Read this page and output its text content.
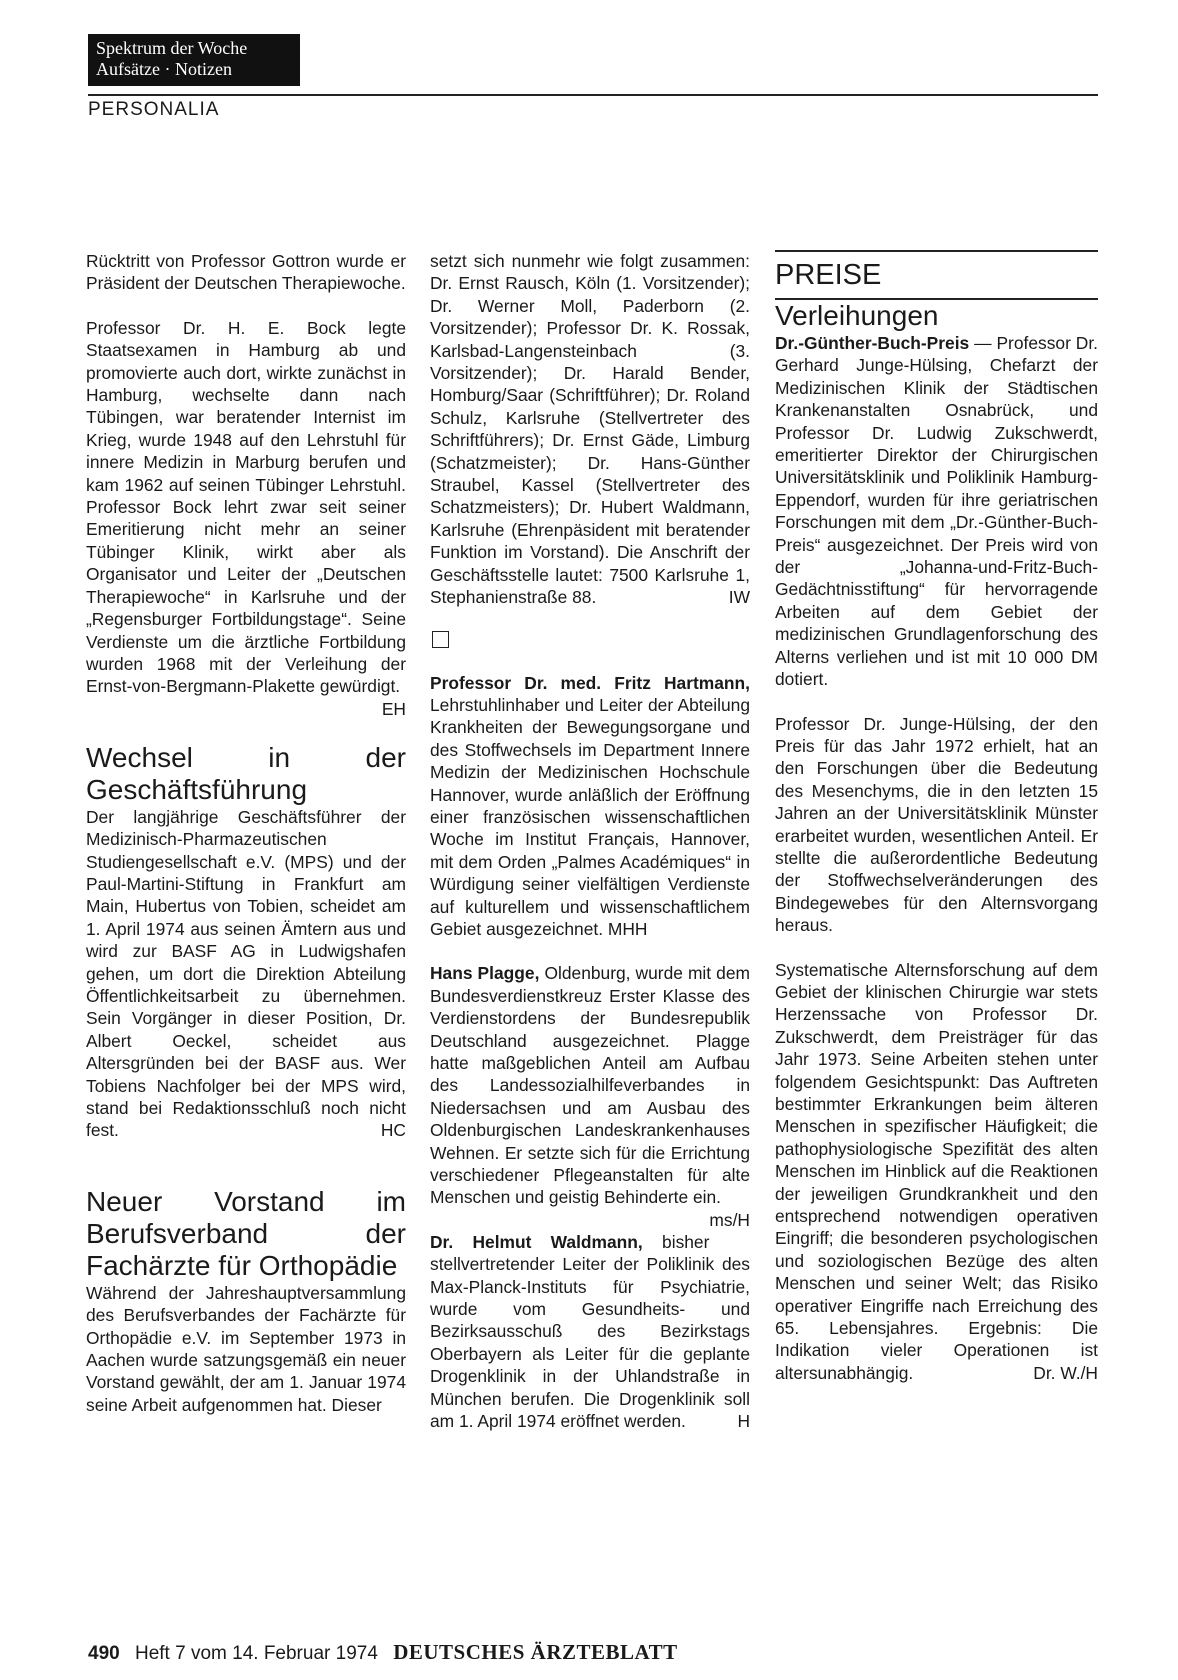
Spektrum der Woche
Aufsätze · Notizen
PERSONALIA

Rücktritt von Professor Gottron wurde er Präsident der Deutschen Therapiewoche.

Professor Dr. H. E. Bock legte Staatsexamen in Hamburg ab und promovierte auch dort, wirkte zunächst in Hamburg, wechselte dann nach Tübingen, war beratender Internist im Krieg, wurde 1948 auf den Lehrstuhl für innere Medizin in Marburg berufen und kam 1962 auf seinen Tübinger Lehrstuhl. Professor Bock lehrt zwar seit seiner Emeritierung nicht mehr an seiner Tübinger Klinik, wirkt aber als Organisator und Leiter der „Deutschen Therapiewoche“ in Karlsruhe und der „Regensburger Fortbildungstage“. Seine Verdienste um die ärztliche Fortbildung wurden 1968 mit der Verleihung der Ernst-von-Bergmann-Plakette gewürdigt.
EH

Wechsel in der Geschäftsführung

Der langjährige Geschäftsführer der Medizinisch-Pharmazeutischen Studiengesellschaft e.V. (MPS) und der Paul-Martini-Stiftung in Frankfurt am Main, Hubertus von Tobien, scheidet am 1. April 1974 aus seinen Ämtern aus und wird zur BASF AG in Ludwigshafen gehen, um dort die Direktion Abteilung Öffentlichkeitsarbeit zu übernehmen. Sein Vorgänger in dieser Position, Dr. Albert Oeckel, scheidet aus Altersgründen bei der BASF aus. Wer Tobiens Nachfolger bei der MPS wird, stand bei Redaktionsschluß noch nicht fest.	HC

Neuer Vorstand im Berufsverband der Fachärzte für Orthopädie

Während der Jahreshauptversammlung des Berufsverbandes der Fachärzte für Orthopädie e.V. im September 1973 in Aachen wurde satzungsgemäß ein neuer Vorstand gewählt, der am 1. Januar 1974 seine Arbeit aufgenommen hat. Dieser

setzt sich nunmehr wie folgt zusammen: Dr. Ernst Rausch, Köln (1. Vorsitzender); Dr. Werner Moll, Paderborn (2. Vorsitzender); Professor Dr. K. Rossak, Karlsbad-Langensteinbach (3. Vorsitzender); Dr. Harald Bender, Homburg/Saar (Schriftführer); Dr. Roland Schulz, Karlsruhe (Stellvertreter des Schriftführers); Dr. Ernst Gäde, Limburg (Schatzmeister); Dr. Hans-Günther Straubel, Kassel (Stellvertreter des Schatzmeisters); Dr. Hubert Waldmann, Karlsruhe (Ehrenpäsident mit beratender Funktion im Vorstand). Die Anschrift der Geschäftsstelle lautet: 7500 Karlsruhe 1, Stephanienstraße 88.	IW

Professor Dr. med. Fritz Hartmann, Lehrstuhlinhaber und Leiter der Abteilung Krankheiten der Bewegungsorgane und des Stoffwechsels im Department Innere Medizin der Medizinischen Hochschule Hannover, wurde anläßlich der Eröffnung einer französischen wissenschaftlichen Woche im Institut Français, Hannover, mit dem Orden „Palmes Académiques“ in Würdigung seiner vielfältigen Verdienste auf kulturellem und wissenschaftlichem Gebiet ausgezeichnet. MHH

Hans Plagge, Oldenburg, wurde mit dem Bundesverdienstkreuz Erster Klasse des Verdienstordens der Bundesrepublik Deutschland ausgezeichnet. Plagge hatte maßgeblichen Anteil am Aufbau des Landessozialhilfeverbandes in Niedersachsen und am Ausbau des Oldenburgischen Landeskrankenhauses Wehnen. Er setzte sich für die Errichtung verschiedener Pflegeanstalten für alte Menschen und geistig Behinderte ein.
ms/H

Dr. Helmut Waldmann, bisher stellvertretender Leiter der Poliklinik des Max-Planck-Instituts für Psychiatrie, wurde vom Gesundheits- und Bezirksausschuß des Bezirkstags Oberbayern als Leiter für die geplante Drogenklinik in der Uhlandstraße in München berufen. Die Drogenklinik soll am 1. April 1974 eröffnet werden.	H

PREISE

Verleihungen

Dr.-Günther-Buch-Preis — Professor Dr. Gerhard Junge-Hülsing, Chefarzt der Medizinischen Klinik der Städtischen Krankenanstalten Osnabrück, und Professor Dr. Ludwig Zukschwerdt, emeritierter Direktor der Chirurgischen Universitätsklinik und Poliklinik Hamburg-Eppendorf, wurden für ihre geriatrischen Forschungen mit dem „Dr.-Günther-Buch-Preis“ ausgezeichnet. Der Preis wird von der „Johanna-und-Fritz-Buch-Gedächtnisstiftung“ für hervorragende Arbeiten auf dem Gebiet der medizinischen Grundlagenforschung des Alterns verliehen und ist mit 10 000 DM dotiert.

Professor Dr. Junge-Hülsing, der den Preis für das Jahr 1972 erhielt, hat an den Forschungen über die Bedeutung des Mesenchyms, die in den letzten 15 Jahren an der Universitätsklinik Münster erarbeitet wurden, wesentlichen Anteil. Er stellte die außerordentliche Bedeutung der Stoffwechselveränderungen des Bindegewebes für den Alternsvorgang heraus.

Systematische Alternsforschung auf dem Gebiet der klinischen Chirurgie war stets Herzenssache von Professor Dr. Zukschwerdt, dem Preisträger für das Jahr 1973. Seine Arbeiten stehen unter folgendem Gesichtspunkt: Das Auftreten bestimmter Erkrankungen beim älteren Menschen in spezifischer Häufigkeit; die pathophysiologische Spezifität des alten Menschen im Hinblick auf die Reaktionen der jeweiligen Grundkrankheit und den entsprechend notwendigen operativen Eingriff; die besonderen psychologischen und soziologischen Bezüge des alten Menschen und seiner Welt; das Risiko operativer Eingriffe nach Erreichung des 65. Lebensjahres. Ergebnis: Die Indikation vieler Operationen ist altersunabhängig.	Dr. W./H

490 Heft 7 vom 14. Februar 1974 DEUTSCHES ÄRZTEBLATT
